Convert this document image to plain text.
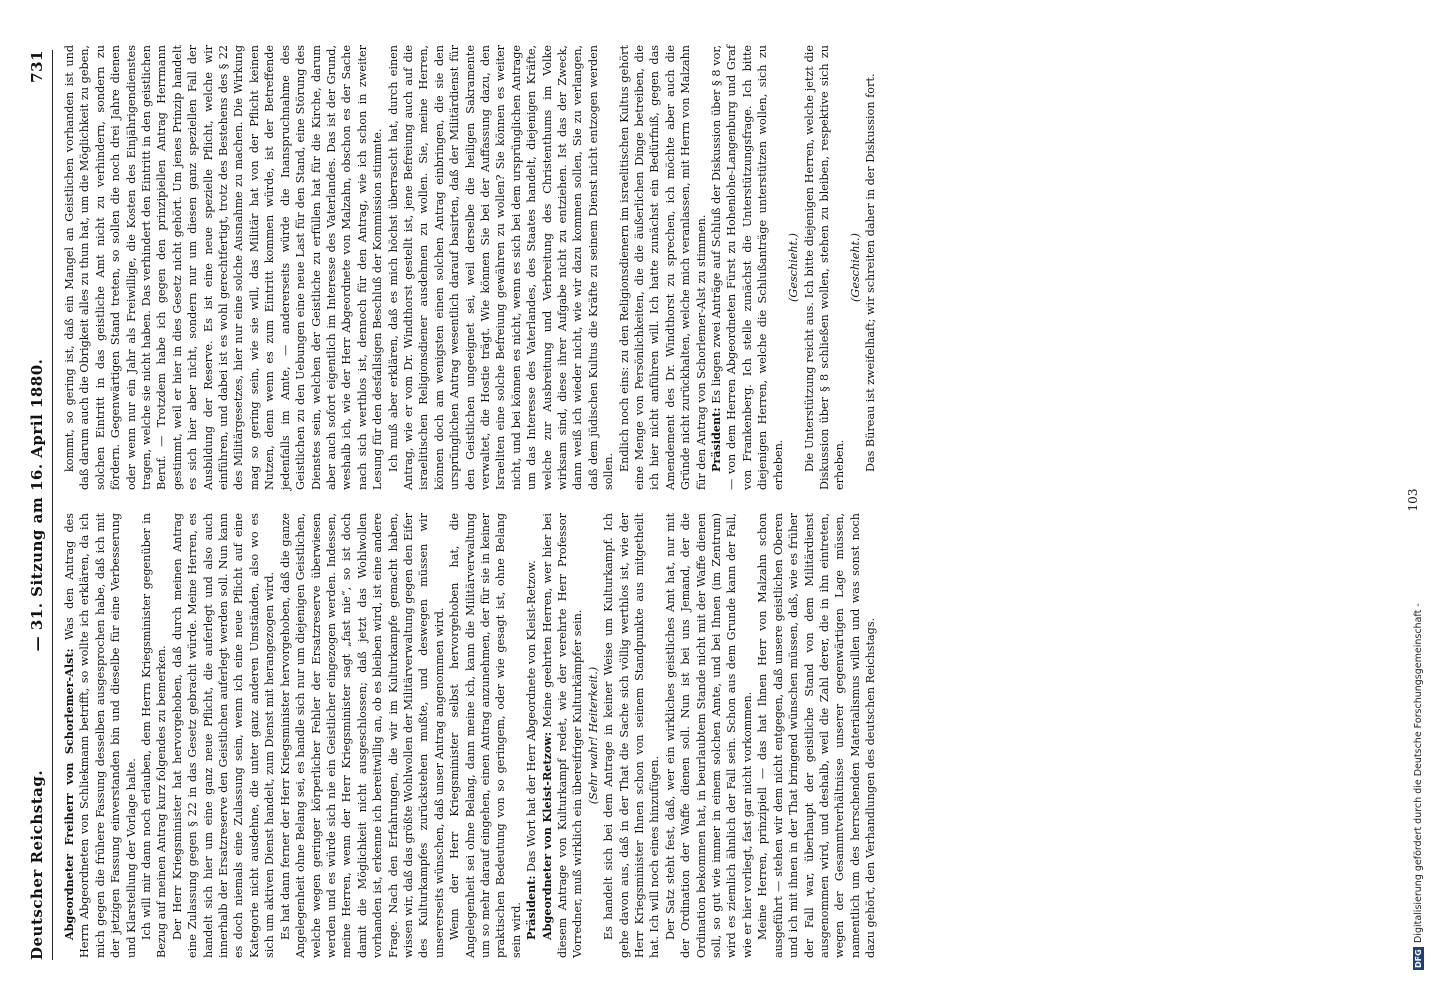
Deutscher Reichstag.
— 31. Sitzung am 16. April 1880.
731

Abgeordneter Freiherr von Schorlemer-Alst: Was den Antrag des Herrn Abgeordneten von Schliekmann betrifft, so wollte ich erklären, da ich mich gegen die frühere Fassung desselben ausgesprochen habe, daß ich mit der jetzigen Fassung einverstanden bin und dieselbe für eine Verbesserung und Klarstellung der Vorlage halte. Ich will mir dann noch erlauben, dem Herrn Kriegsminister gegenüber in Bezug auf meinen Antrag kurz folgendes zu bemerken. Der Herr Kriegsminister hat hervorgehoben, daß durch meinen Antrag eine Zulassung gegen § 22 in das Gesetz gebracht würde. Meine Herren, es handelt sich hier um eine ganz neue Pflicht, die auferlegt und also auch innerhalb der Ersatzreserve den Geistlichen auferlegt werden soll. Nun kann es doch niemals eine Zulassung sein, wenn ich eine neue Pflicht auf eine Kategorie nicht ausdehne, die unter ganz anderen Umständen, also wo es sich um aktiven Dienst handelt, zum Dienst mit herangezogen wird. Es hat dann ferner der Herr Kriegsminister hervorgehoben, daß die ganze Angelegenheit ohne Belang sei, es handle sich nur um diejenigen Geistlichen, welche wegen geringer körperlicher Fehler der Ersatzreserve überwiesen werden und es würde sich nie ein Geistlicher eingezogen werden. Indessen, meine Herren, wenn der Herr Kriegsminister sagt „fast nie“, so ist doch damit die Möglichkeit nicht ausgeschlossen; daß jetzt das Wohlwollen vorhanden ist, erkenne ich bereitwillig an, ob es bleiben wird, ist eine andere Frage. Nach den Erfahrungen, die wir im Kulturkampfe gemacht haben, wissen wir, daß das größte Wohlwollen der Militärverwaltung gegen den Eifer des Kulturkampfes zurückstehen mußte, und deswegen müssen wir unsererseits wünschen, daß unser Antrag angenommen wird. Wenn der Herr Kriegsminister selbst hervorgehoben hat, die Angelegenheit sei ohne Belang, dann meine ich, kann die Militärverwaltung um so mehr darauf eingehen, einen Antrag anzunehmen, der für sie in keiner praktischen Bedeutung von so geringem, oder wie gesagt ist, ohne Belang sein wird. Präsident: Das Wort hat der Herr Abgeordnete von Kleist-Retzow. Abgeordneter von Kleist-Retzow: Meine geehrten Herren, wer hier bei diesem Antrage von Kulturkampf redet, wie der verehrte Herr Professor Vorredner, muß wirklich ein übereifriger Kulturkämpfer sein. (Sehr wahr! Heiterkeit.) Es handelt sich bei dem Antrage in keiner Weise um Kulturkampf. Ich gehe davon aus, daß in der That die Sache sich völlig werthlos ist, wie der Herr Kriegsminister Ihnen schon von seinem Standpunkte aus mitgetheilt hat. Ich will noch eines hinzufügen. Der Satz steht fest, daß, wer ein wirkliches geistliches Amt hat, nur mit der Ordination der Waffe dienen soll. Nun ist bei uns Jemand, der die Ordination bekommen hat, in beurlaubtem Stande nicht mit der Waffe dienen soll, so gut wie immer in einem solchen Amte, und bei Ihnen (im Zentrum) wird es ziemlich ähnlich der Fall sein. Schon aus dem Grunde kann der Fall, wie er hier vorliegt, fast gar nicht vorkommen. Meine Herren, prinzipiell — das hat Ihnen Herr von Malzahn schon ausgeführt — stehen wir dem nicht entgegen, daß unsere geistlichen Oberen und ich mit ihnen in der That bringend wünschen müssen, daß, wie es früher der Fall war, überhaupt der geistliche Stand von dem Militärdienst ausgenommen wird, und deshalb, weil die Zahl derer, die in ihn eintreten, wegen der Gesammtverhältnisse unserer gegenwärtigen Lage müssen, namentlich um des herrschenden Materialismus willen und was sonst noch dazu gehört, den Verhandlungen des deutschen Reichstags.

kommt, so gering ist, daß ein Mangel an Geistlichen vorhanden ist und daß darum auch die Obrigkeit alles zu thun hat, um die Möglichkeit zu geben, solchen Eintritt in das geistliche Amt nicht zu verhindern, sondern zu fördern. Gegenwärtigen Stand treten, so sollen die noch drei Jahre dienen oder wenn nur ein Jahr als Freiwillige, die Kosten des Einjährigendienstes tragen, welche sie nicht haben. Das verhindert den Eintritt in den geistlichen Beruf. — Trotzdem habe ich gegen den prinzipiellen Antrag Herrmann gestimmt, weil er hier in dies Gesetz nicht gehört. Um jenes Prinzip handelt es sich hier aber nicht, sondern nur um diesen ganz speziellen Fall der Ausbildung der Reserve. Es ist eine neue spezielle Pflicht, welche wir einführen, und dabei ist es wohl gerechtfertigt, trotz des Bestehens des § 22 des Militärgesetzes, hier nur eine solche Ausnahme zu machen. Die Wirkung mag so gering sein, wie sie will, das Militär hat von der Pflicht keinen Nutzen, denn wenn es zum Eintritt kommen würde, ist der Betreffende jedenfalls im Amte, — andererseits würde die Inanspruchnahme des Geistlichen zu den Uebungen eine neue Last für den Stand, eine Störung des Dienstes sein, welchen der Geistliche zu erfüllen hat für die Kirche, darum aber auch sofort eigentlich im Interesse des Vaterlandes. Das ist der Grund, weshalb ich, wie der Herr Abgeordnete von Malzahn, obschon es der Sache nach sich werthlos ist, dennoch für den Antrag, wie ich schon in zweiter Lesung für den desfallsigen Beschluß der Kommission stimmte. Ich muß aber erklären, daß es mich höchst überrascht hat, durch einen Antrag, wie er vom Dr. Windthorst gestellt ist, jene Befreiung auch auf die israelitischen Religionsdiener ausdehnen zu wollen. Sie, meine Herren, können doch am wenigsten einen solchen Antrag einbringen, die sie den ursprünglichen Antrag wesentlich darauf basirten, daß der Militärdienst für den Geistlichen ungeeignet sei, weil derselbe die heiligen Sakramente verwaltet, die Hostie trägt. Wie können Sie bei der Auffassung dazu, den Israeliten eine solche Befreiung gewähren zu wollen? Sie können es weiter nicht, und bei können es nicht, wenn es sich bei dem ursprünglichen Antrage um das Interesse des Vaterlandes, des Staates handelt, diejenigen Kräfte, welche zur Ausbreitung und Verbreitung des Christenthums im Volke wirksam sind, diese ihrer Aufgabe nicht zu entziehen. Ist das der Zweck, dann weiß ich wieder nicht, wie wir dazu kommen sollen, Sie zu verlangen, daß dem jüdischen Kultus die Kräfte zu seinem Dienst nicht entzogen werden sollen. Endlich noch eins: zu den Religionsdienern im israelitischen Kultus gehört eine Menge von Persönlichkeiten, die die äußerlichen Dinge betreiben, die ich hier nicht anführen will. Ich hatte zunächst ein Bedürfniß, gegen das Amendement des Dr. Windthorst zu sprechen, ich möchte aber auch die Gründe nicht zurückhalten, welche mich veranlassen, mit Herrn von Malzahn für den Antrag von Schorlemer-Alst zu stimmen. Präsident: Es liegen zwei Anträge auf Schluß der Diskussion über § 8 vor, — von dem Herren Abgeordneten Fürst zu Hohenlohe-Langenburg und Graf von Frankenberg. Ich stelle zunächst die Unterstützungsfrage. Ich bitte diejenigen Herren, welche die Schlußanträge unterstützen wollen, sich zu erheben.

(Geschieht.) Die Unterstützung reicht aus. Ich bitte diejenigen Herren, welche jetzt die Diskussion über § 8 schließen wollen, stehen zu bleiben, respektive sich zu erheben.

(Geschieht.) Das Büreau ist zweifelhaft; wir schreiten daher in der Diskussion fort.

103
DFG
Digitalisierung gefördert durch die Deutsche Forschungsgemeinschaft -
